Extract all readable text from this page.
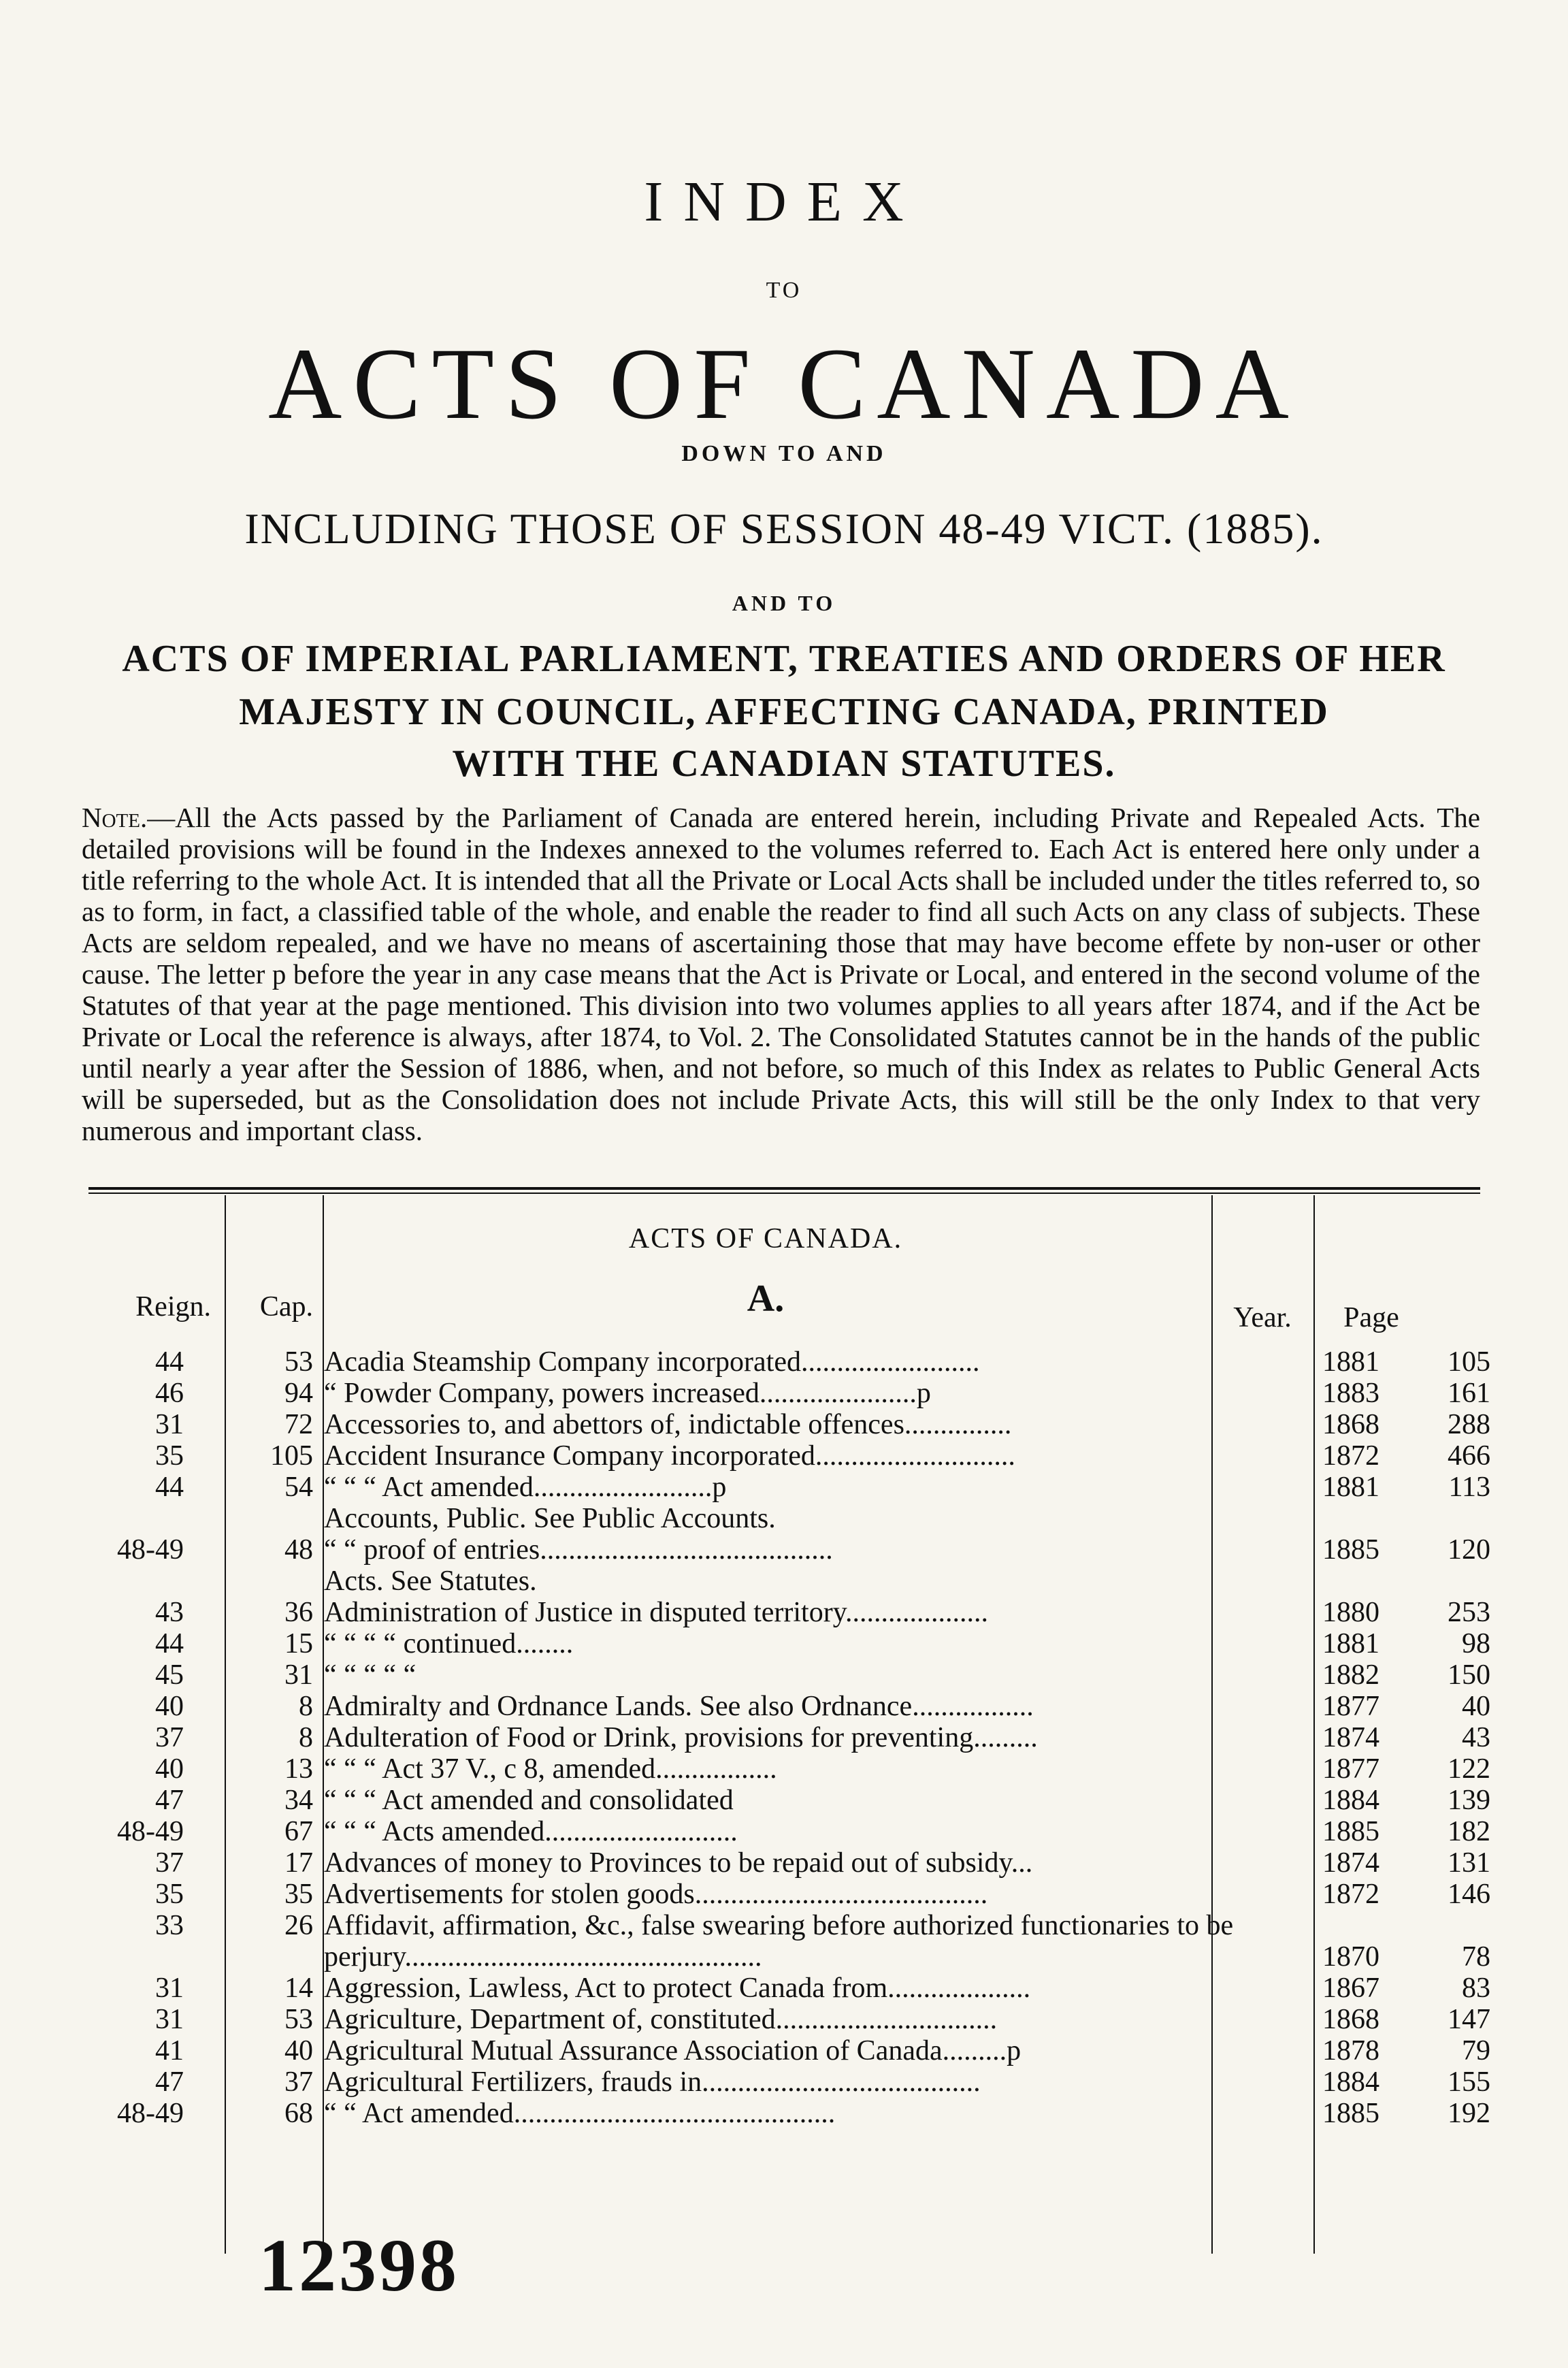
INDEX
TO
ACTS OF CANADA
DOWN TO AND
INCLUDING THOSE OF SESSION 48-49 VICT. (1885).
AND TO
ACTS OF IMPERIAL PARLIAMENT, TREATIES AND ORDERS OF HER
MAJESTY IN COUNCIL, AFFECTING CANADA, PRINTED
WITH THE CANADIAN STATUTES.
Note.—All the Acts passed by the Parliament of Canada are entered herein, including Private and Repealed Acts. The detailed provisions will be found in the Indexes annexed to the volumes referred to. Each Act is entered here only under a title referring to the whole Act. It is intended that all the Private or Local Acts shall be included under the titles referred to, so as to form, in fact, a classified table of the whole, and enable the reader to find all such Acts on any class of subjects. These Acts are seldom repealed, and we have no means of ascertaining those that may have become effete by non-user or other cause. The letter p before the year in any case means that the Act is Private or Local, and entered in the second volume of the Statutes of that year at the page mentioned. This division into two volumes applies to all years after 1874, and if the Act be Private or Local the reference is always, after 1874, to Vol. 2. The Consolidated Statutes cannot be in the hands of the public until nearly a year after the Session of 1886, when, and not before, so much of this Index as relates to Public General Acts will be superseded, but as the Consolidation does not include Private Acts, this will still be the only Index to that very numerous and important class.
ACTS OF CANADA.
A.
Reign.	Cap.	Year.	Page
44	53 Acadia Steamship Company incorporated.........................	1881	105
46	94 “ Powder Company, powers increased......................p	1883	161
31	72 Accessories to, and abettors of, indictable offences...............	1868	288
35	105 Accident Insurance Company incorporated............................	1872	466
44	54 “ “ “ Act amended.........................p	1881	113
Accounts, Public. See Public Accounts.
48-49	48 “ “ proof of entries.........................................	1885	120
Acts. See Statutes.
43	36 Administration of Justice in disputed territory....................	1880	253
44	15 “ “ “ “ continued........	1881	98
45	31 “ “ “ “ “	1882	150
40	8 Admiralty and Ordnance Lands. See also Ordnance.................	1877	40
37	8 Adulteration of Food or Drink, provisions for preventing.........	1874	43
40	13 “ “ “ Act 37 V., c 8, amended.................	1877	122
47	34 “ “ “ Act amended and consolidated	1884	139
48-49	67 “ “ “ Acts amended...........................	1885	182
37	17 Advances of money to Provinces to be repaid out of subsidy...	1874	131
35	35 Advertisements for stolen goods.........................................	1872	146
33	26 Affidavit, affirmation, &c., false swearing before authorized functionaries to be perjury..................................................	1870	78
31	14 Aggression, Lawless, Act to protect Canada from....................	1867	83
31	53 Agriculture, Department of, constituted...............................	1868	147
41	40 Agricultural Mutual Assurance Association of Canada.........p	1878	79
47	37 Agricultural Fertilizers, frauds in.......................................	1884	155
48-49	68 “ “ Act amended.............................................	1885	192
12398
